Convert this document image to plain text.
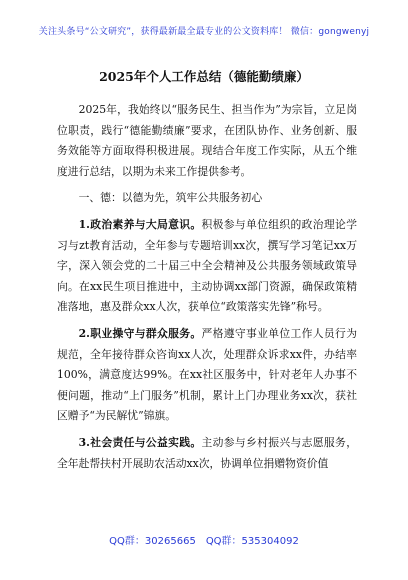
关注头条号“公文研究”，获得最新最全最专业的公文资料库！ 微信：gongwenyj
2025年个人工作总结（德能勤绩廉）

2025年，我始终以“服务民生、担当作为”为宗旨，立足岗位职责，践行“德能勤绩廉”要求，在团队协作、业务创新、服务效能等方面取得积极进展。现结合年度工作实际，从五个维度进行总结，以期为未来工作提供参考。

一、德：以德为先，筑牢公共服务初心

1.政治素养与大局意识。积极参与单位组织的政治理论学习与zt教育活动，全年参与专题培训xx次，撰写学习笔记xx万字，深入领会党的二十届三中全会精神及公共服务领域政策导向。在xx民生项目推进中，主动协调xx部门资源，确保政策精准落地，惠及群众xx人次，获单位“政策落实先锋”称号。

2.职业操守与群众服务。严格遵守事业单位工作人员行为规范，全年接待群众咨询xx人次，处理群众诉求xx件，办结率100%，满意度达99%。在xx社区服务中，针对老年人办事不便问题，推动“上门服务”机制，累计上门办理业务xx次，获社区赠予“为民解忧”锦旗。

3.社会责任与公益实践。主动参与乡村振兴与志愿服务，全年赴帮扶村开展助农活动xx次，协调单位捐赠物资价值

QQ群：30265665 QQ群：535304092
